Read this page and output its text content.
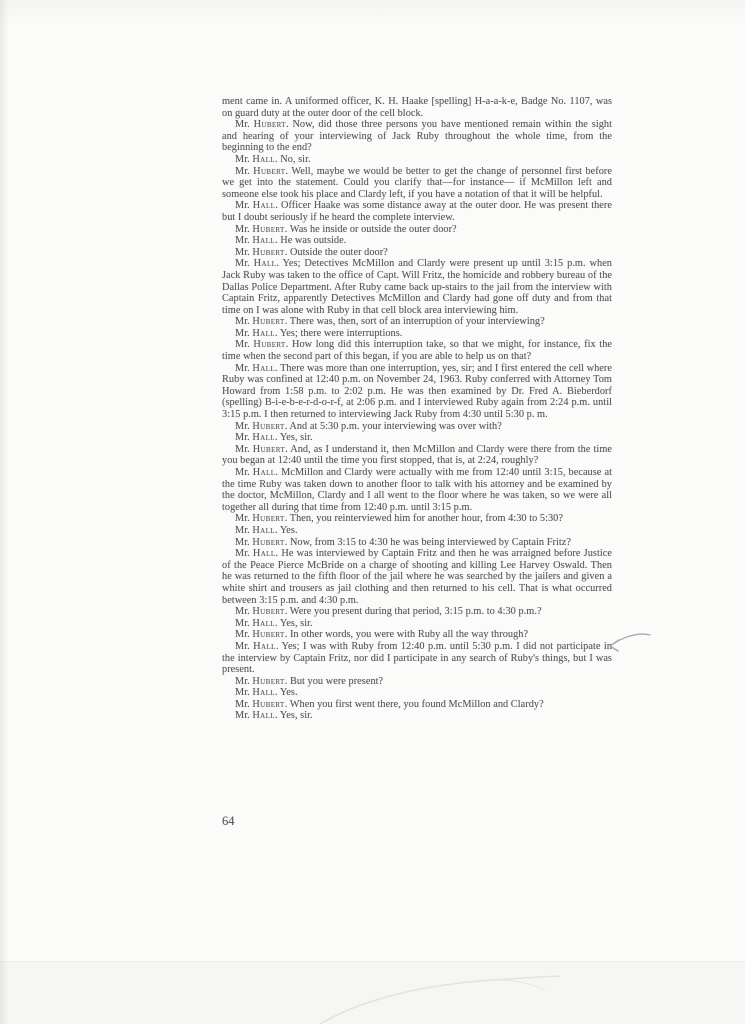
ment came in. A uniformed officer, K. H. Haake [spelling] H-a-a-k-e, Badge No. 1107, was on guard duty at the outer door of the cell block.

Mr. Hubert. Now, did those three persons you have mentioned remain within the sight and hearing of your interviewing of Jack Ruby throughout the whole time, from the beginning to the end?

Mr. Hall. No, sir.

Mr. Hubert. Well, maybe we would be better to get the change of personnel first before we get into the statement. Could you clarify that—for instance— if McMillon left and someone else took his place and Clardy left, if you have a notation of that it will be helpful.

Mr. Hall. Officer Haake was some distance away at the outer door. He was present there but I doubt seriously if he heard the complete interview.

Mr. Hubert. Was he inside or outside the outer door?

Mr. Hall. He was outside.

Mr. Hubert. Outside the outer door?

Mr. Hall. Yes; Detectives McMillon and Clardy were present up until 3:15 p.m. when Jack Ruby was taken to the office of Capt. Will Fritz, the homicide and robbery bureau of the Dallas Police Department. After Ruby came back up-stairs to the jail from the interview with Captain Fritz, apparently Detectives McMillon and Clardy had gone off duty and from that time on I was alone with Ruby in that cell block area interviewing him.

Mr. Hubert. There was, then, sort of an interruption of your interviewing?

Mr. Hall. Yes; there were interruptions.

Mr. Hubert. How long did this interruption take, so that we might, for instance, fix the time when the second part of this began, if you are able to help us on that?

Mr. Hall. There was more than one interruption, yes, sir; and I first entered the cell where Ruby was confined at 12:40 p.m. on November 24, 1963. Ruby conferred with Attorney Tom Howard from 1:58 p.m. to 2:02 p.m. He was then examined by Dr. Fred A. Bieberdorf (spelling) B-i-e-b-e-r-d-o-r-f, at 2:06 p.m. and I interviewed Ruby again from 2:24 p.m. until 3:15 p.m. I then returned to interviewing Jack Ruby from 4:30 until 5:30 p. m.

Mr. Hubert. And at 5:30 p.m. your interviewing was over with?

Mr. Hall. Yes, sir.

Mr. Hubert. And, as I understand it, then McMillon and Clardy were there from the time you began at 12:40 until the time you first stopped, that is, at 2:24, roughly?

Mr. Hall. McMillon and Clardy were actually with me from 12:40 until 3:15, because at the time Ruby was taken down to another floor to talk with his attorney and be examined by the doctor, McMillon, Clardy and I all went to the floor where he was taken, so we were all together all during that time from 12:40 p.m. until 3:15 p.m.

Mr. Hubert. Then, you reinterviewed him for another hour, from 4:30 to 5:30?

Mr. Hall. Yes.

Mr. Hubert. Now, from 3:15 to 4:30 he was being interviewed by Captain Fritz?

Mr. Hall. He was interviewed by Captain Fritz and then he was arraigned before Justice of the Peace Pierce McBride on a charge of shooting and killing Lee Harvey Oswald. Then he was returned to the fifth floor of the jail where he was searched by the jailers and given a white shirt and trousers as jail clothing and then returned to his cell. That is what occurred between 3:15 p.m. and 4:30 p.m.

Mr. Hubert. Were you present during that period, 3:15 p.m. to 4:30 p.m.?

Mr. Hall. Yes, sir.

Mr. Hubert. In other words, you were with Ruby all the way through?

Mr. Hall. Yes; I was with Ruby from 12:40 p.m. until 5:30 p.m. I did not participate in the interview by Captain Fritz, nor did I participate in any search of Ruby's things, but I was present.

Mr. Hubert. But you were present?

Mr. Hall. Yes.

Mr. Hubert. When you first went there, you found McMillon and Clardy?

Mr. Hall. Yes, sir.

64
